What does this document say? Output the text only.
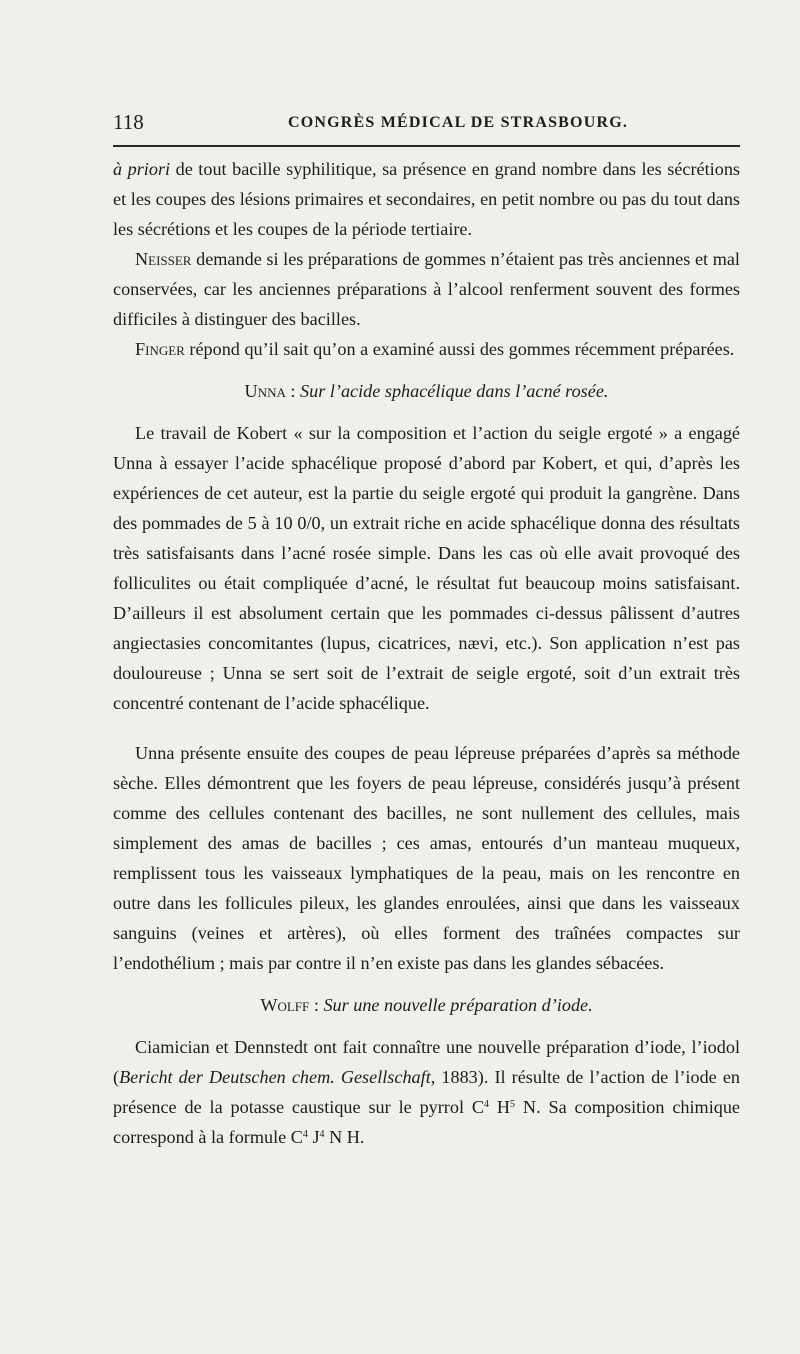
118	CONGRÈS MÉDICAL DE STRASBOURG.

à priori de tout bacille syphilitique, sa présence en grand nombre dans les sécrétions et les coupes des lésions primaires et secondaires, en petit nombre ou pas du tout dans les sécrétions et les coupes de la période tertiaire.

Neisser demande si les préparations de gommes n’étaient pas très anciennes et mal conservées, car les anciennes préparations à l’alcool renferment souvent des formes difficiles à distinguer des bacilles.

Finger répond qu’il sait qu’on a examiné aussi des gommes récemment préparées.

Unna : Sur l’acide sphacélique dans l’acné rosée.

Le travail de Kobert « sur la composition et l’action du seigle ergoté » a engagé Unna à essayer l’acide sphacélique proposé d’abord par Kobert, et qui, d’après les expériences de cet auteur, est la partie du seigle ergoté qui produit la gangrène. Dans des pommades de 5 à 10 0/0, un extrait riche en acide sphacélique donna des résultats très satisfaisants dans l’acné rosée simple. Dans les cas où elle avait provoqué des folliculites ou était compliquée d’acné, le résultat fut beaucoup moins satisfaisant. D’ailleurs il est absolument certain que les pommades ci-dessus pâlissent d’autres angiectasies concomitantes (lupus, cicatrices, nævi, etc.). Son application n’est pas douloureuse ; Unna se sert soit de l’extrait de seigle ergoté, soit d’un extrait très concentré contenant de l’acide sphacélique.

Unna présente ensuite des coupes de peau lépreuse préparées d’après sa méthode sèche. Elles démontrent que les foyers de peau lépreuse, considérés jusqu’à présent comme des cellules contenant des bacilles, ne sont nullement des cellules, mais simplement des amas de bacilles ; ces amas, entourés d’un manteau muqueux, remplissent tous les vaisseaux lymphatiques de la peau, mais on les rencontre en outre dans les follicules pileux, les glandes enroulées, ainsi que dans les vaisseaux sanguins (veines et artères), où elles forment des traînées compactes sur l’endothélium ; mais par contre il n’en existe pas dans les glandes sébacées.

Wolff : Sur une nouvelle préparation d’iode.

Ciamician et Dennstedt ont fait connaître une nouvelle préparation d’iode, l’iodol (Bericht der Deutschen chem. Gesellschaft, 1883). Il résulte de l’action de l’iode en présence de la potasse caustique sur le pyrrol $C^4$ $H^5$ N. Sa composition chimique correspond à la formule $C^4$ $J^4$ N H.
